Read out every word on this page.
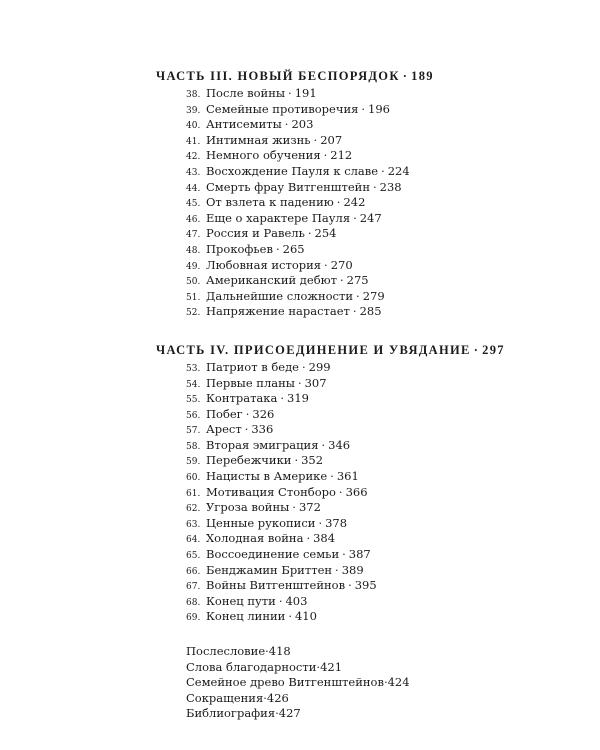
ЧАСТЬ III. НОВЫЙ БЕСПОРЯДОК · 189
38. После войны · 191
39. Семейные противоречия · 196
40. Антисемиты · 203
41. Интимная жизнь · 207
42. Немного обучения · 212
43. Восхождение Пауля к славе · 224
44. Смерть фрау Витгенштейн · 238
45. От взлета к падению · 242
46. Еще о характере Пауля · 247
47. Россия и Равель · 254
48. Прокофьев · 265
49. Любовная история · 270
50. Американский дебют · 275
51. Дальнейшие сложности · 279
52. Напряжение нарастает · 285
ЧАСТЬ IV. ПРИСОЕДИНЕНИЕ И УВЯДАНИЕ · 297
53. Патриот в беде · 299
54. Первые планы · 307
55. Контратака · 319
56. Побег · 326
57. Арест · 336
58. Вторая эмиграция · 346
59. Перебежчики · 352
60. Нацисты в Америке · 361
61. Мотивация Стонборо · 366
62. Угроза войны · 372
63. Ценные рукописи · 378
64. Холодная война · 384
65. Воссоединение семьи · 387
66. Бенджамин Бриттен · 389
67. Войны Витгенштейнов · 395
68. Конец пути · 403
69. Конец линии · 410
Послесловие·418
Слова благодарности·421
Семейное древо Витгенштейнов·424
Сокращения·426
Библиография·427
